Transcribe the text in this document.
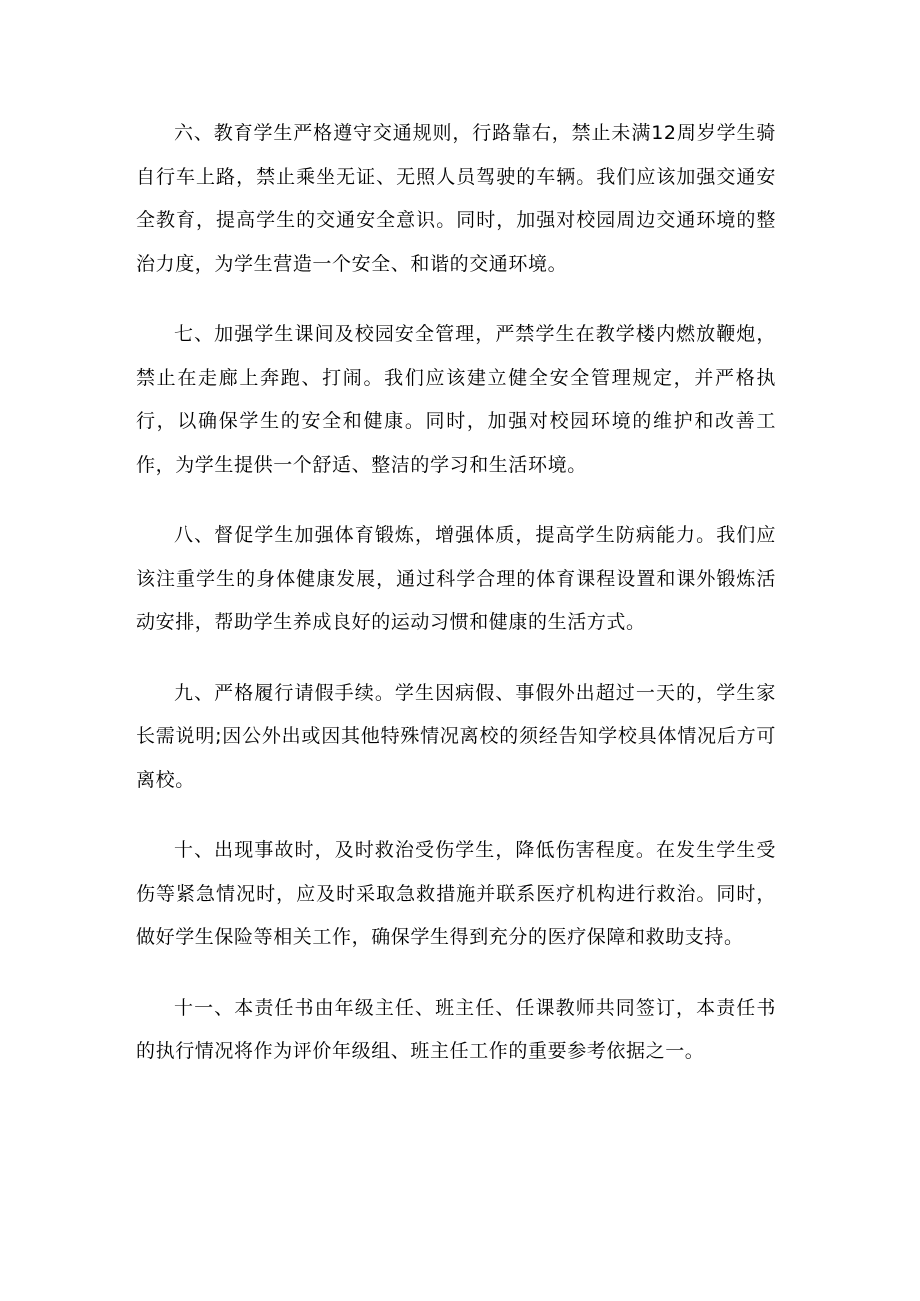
六、教育学生严格遵守交通规则，行路靠右，禁止未满12周岁学生骑自行车上路，禁止乘坐无证、无照人员驾驶的车辆。我们应该加强交通安全教育，提高学生的交通安全意识。同时，加强对校园周边交通环境的整治力度，为学生营造一个安全、和谐的交通环境。

七、加强学生课间及校园安全管理，严禁学生在教学楼内燃放鞭炮，禁止在走廊上奔跑、打闹。我们应该建立健全安全管理规定，并严格执行，以确保学生的安全和健康。同时，加强对校园环境的维护和改善工作，为学生提供一个舒适、整洁的学习和生活环境。

八、督促学生加强体育锻炼，增强体质，提高学生防病能力。我们应该注重学生的身体健康发展，通过科学合理的体育课程设置和课外锻炼活动安排，帮助学生养成良好的运动习惯和健康的生活方式。

九、严格履行请假手续。学生因病假、事假外出超过一天的，学生家长需说明;因公外出或因其他特殊情况离校的须经告知学校具体情况后方可离校。

十、出现事故时，及时救治受伤学生，降低伤害程度。在发生学生受伤等紧急情况时，应及时采取急救措施并联系医疗机构进行救治。同时，做好学生保险等相关工作，确保学生得到充分的医疗保障和救助支持。

十一、本责任书由年级主任、班主任、任课教师共同签订，本责任书的执行情况将作为评价年级组、班主任工作的重要参考依据之一。
